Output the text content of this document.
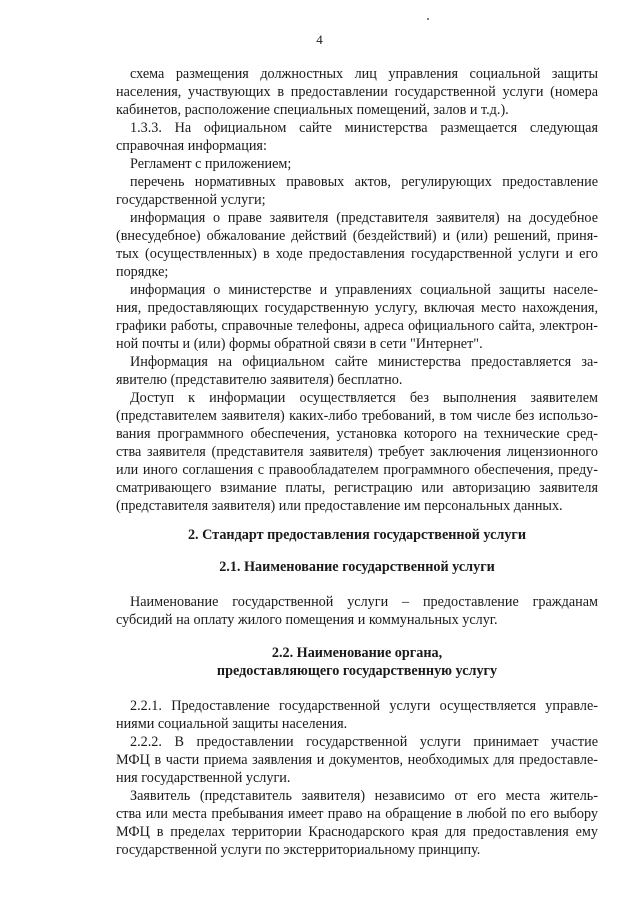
4
схема размещения должностных лиц управления социальной защиты
населения, участвующих в предоставлении государственной услуги (номера
кабинетов, расположение специальных помещений, залов и т.д.).
1.3.3. На официальном сайте министерства размещается следующая
справочная информация:
Регламент с приложением;
перечень нормативных правовых актов, регулирующих предоставление
государственной услуги;
информация о праве заявителя (представителя заявителя) на досудебное
(внесудебное) обжалование действий (бездействий) и (или) решений, приня-
тых (осуществленных) в ходе предоставления государственной услуги и его
порядке;
информация о министерстве и управлениях социальной защиты населе-
ния, предоставляющих государственную услугу, включая место нахождения,
графики работы, справочные телефоны, адреса официального сайта, электрон-
ной почты и (или) формы обратной связи в сети "Интернет".
Информация на официальном сайте министерства предоставляется за-
явителю (представителю заявителя) бесплатно.
Доступ к информации осуществляется без выполнения заявителем
(представителем заявителя) каких-либо требований, в том числе без использо-
вания программного обеспечения, установка которого на технические сред-
ства заявителя (представителя заявителя) требует заключения лицензионного
или иного соглашения с правообладателем программного обеспечения, преду-
сматривающего взимание платы, регистрацию или авторизацию заявителя
(представителя заявителя) или предоставление им персональных данных.
2. Стандарт предоставления государственной услуги
2.1. Наименование государственной услуги
Наименование государственной услуги – предоставление гражданам
субсидий на оплату жилого помещения и коммунальных услуг.
2.2. Наименование органа,
предоставляющего государственную услугу
2.2.1. Предоставление государственной услуги осуществляется управле-
ниями социальной защиты населения.
2.2.2. В предоставлении государственной услуги принимает участие
МФЦ в части приема заявления и документов, необходимых для предоставле-
ния государственной услуги.
Заявитель (представитель заявителя) независимо от его места житель-
ства или места пребывания имеет право на обращение в любой по его выбору
МФЦ в пределах территории Краснодарского края для предоставления ему
государственной услуги по экстерриториальному принципу.
